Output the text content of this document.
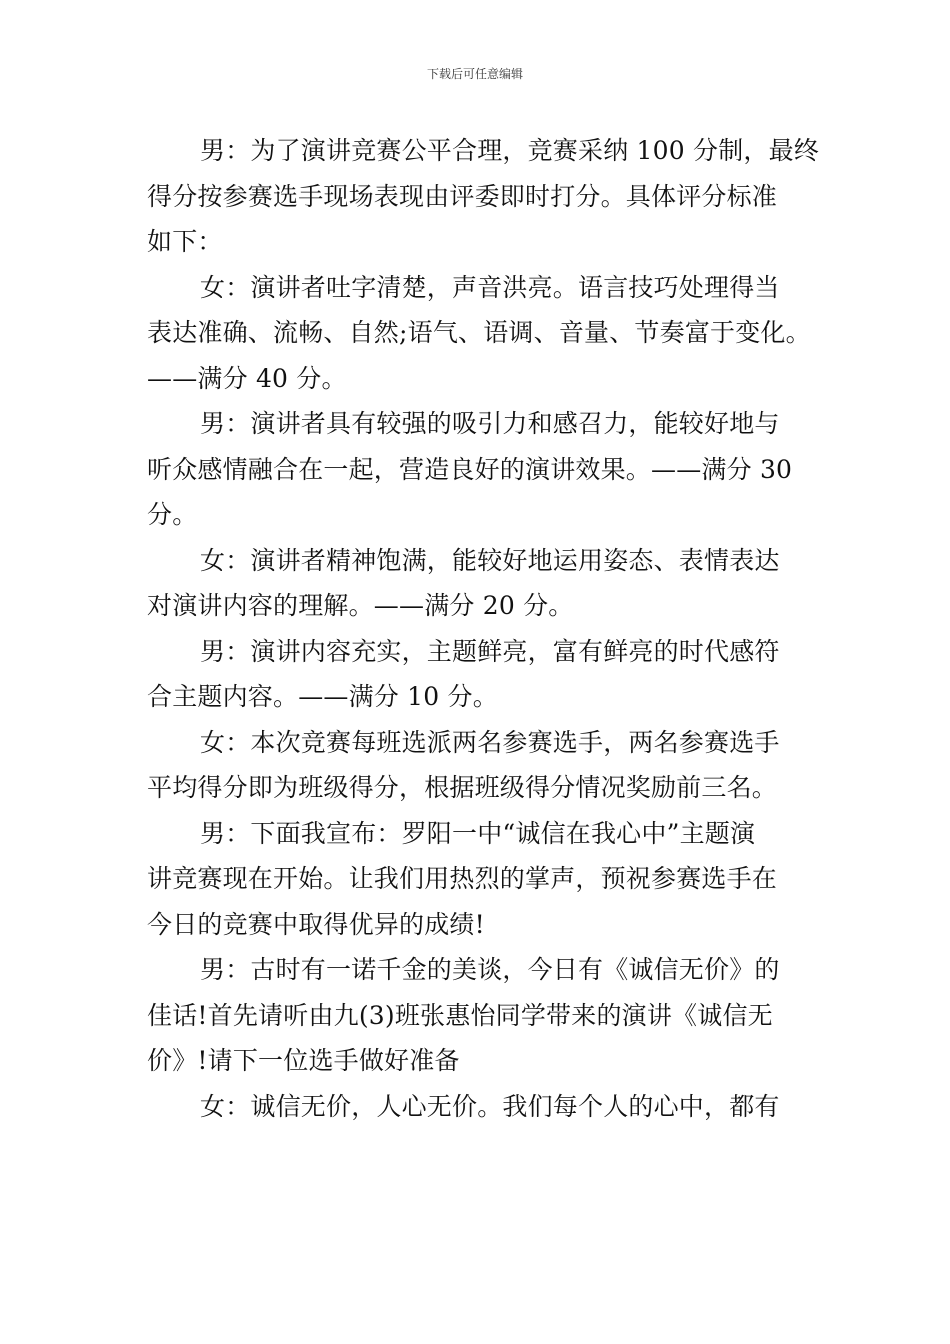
下载后可任意编辑
男：为了演讲竞赛公平合理，竞赛采纳 100 分制，最终
得分按参赛选手现场表现由评委即时打分。具体评分标准
如下：
女：演讲者吐字清楚，声音洪亮。语言技巧处理得当
表达准确、流畅、自然;语气、语调、音量、节奏富于变化。
——满分 40 分。
男：演讲者具有较强的吸引力和感召力，能较好地与
听众感情融合在一起，营造良好的演讲效果。——满分 30
分。
女：演讲者精神饱满，能较好地运用姿态、表情表达
对演讲内容的理解。——满分 20 分。
男：演讲内容充实，主题鲜亮，富有鲜亮的时代感符
合主题内容。——满分 10 分。
女：本次竞赛每班选派两名参赛选手，两名参赛选手
平均得分即为班级得分，根据班级得分情况奖励前三名。
男：下面我宣布：罗阳一中“诚信在我心中”主题演
讲竞赛现在开始。让我们用热烈的掌声，预祝参赛选手在
今日的竞赛中取得优异的成绩!
男：古时有一诺千金的美谈，今日有《诚信无价》的
佳话!首先请听由九(3)班张惠怡同学带来的演讲《诚信无
价》!请下一位选手做好准备
女：诚信无价，人心无价。我们每个人的心中，都有
